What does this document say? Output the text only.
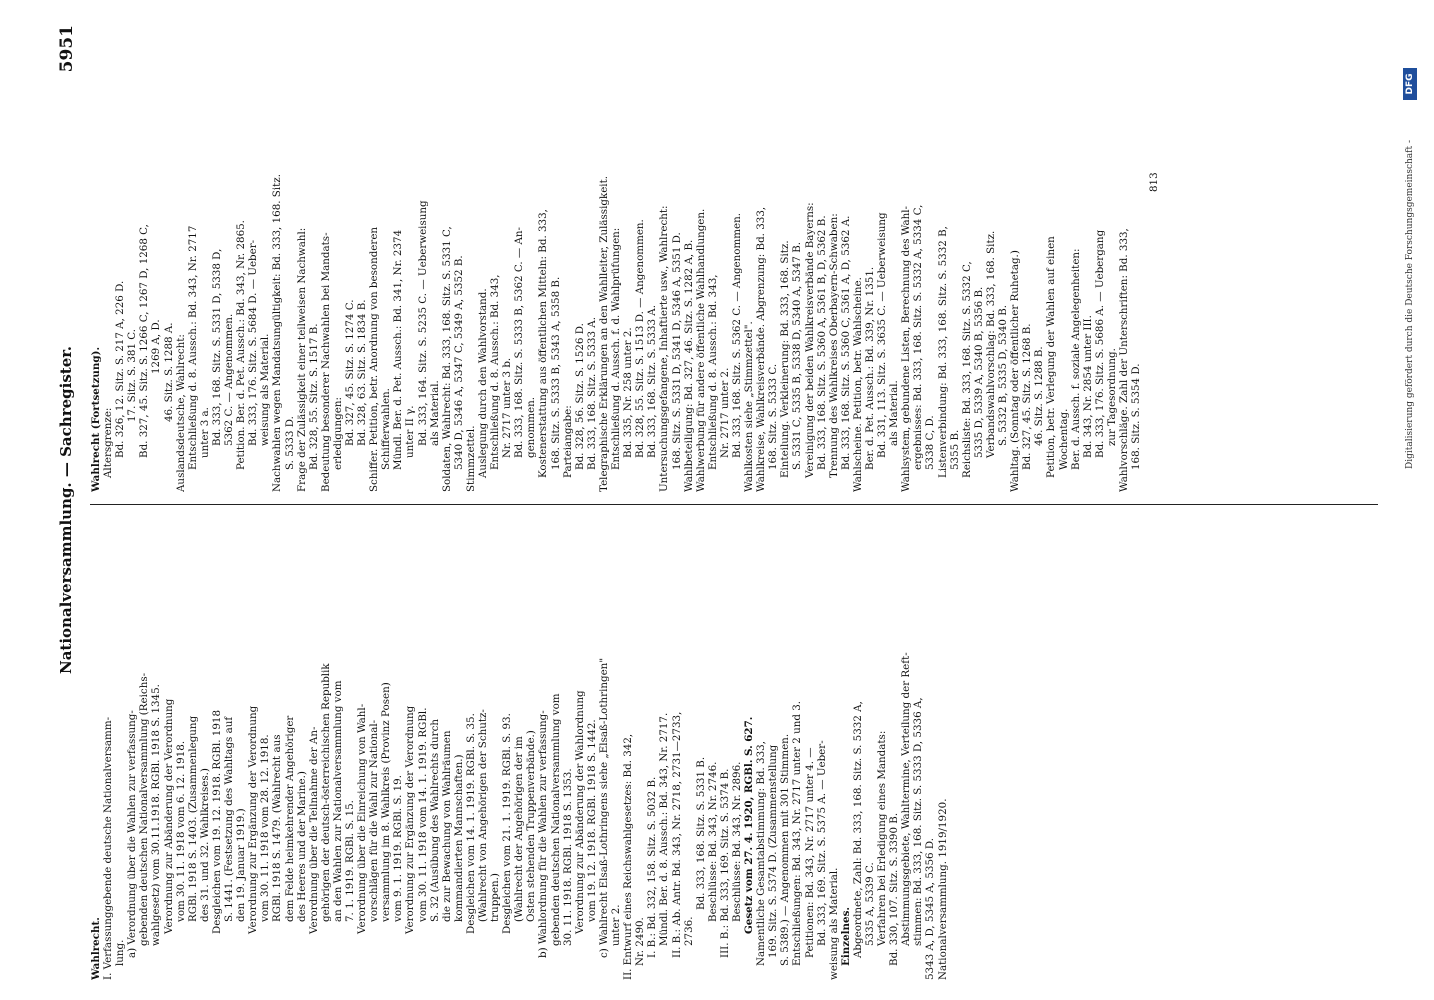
Nationalversammlung. — Sachregister.
5951
Wahlrecht. I. Verfassunggebende deutsche Nationalversamm- lung. a) Verordnung über die Wahlen zur verfassung- gebenden deutschen Nationalversammlung (Reichs- wahlgesetz) vom 30.11.1918. RGBl. 1918 S. 1345. Verordnung zur Abänderung der Verordnung vom 30. 11. 1918 vom 6. 12. 1918. RGBl. 1918 S. 1403. (Zusammenlegung des 31. und 32. Wahlkreises.) Desgleichen vom 19. 12. 1918. RGBl. 1918 S. 1441. (Festsetzung des Wahltags auf den 19. Januar 1919.) Verordnung zur Ergänzung der Verordnung vom 30. 11. 1918 vom 28. 12. 1918. RGBl. 1918 S. 1479. (Wahlrecht aus dem Felde heimkehrender Angehöriger des Heeres und der Marine.) Verordnung über die Teilnahme der An- gehörigen der deutsch-österreichischen Republik an den Wahlen zur Nationalversammlung vom 7. 1. 1919. RGBl. S. 15. Verordnung über die Einreichung von Wahl- vorschlägen für die Wahl zur National- versammlung im 8. Wahlkreis (Provinz Posen) vom 9. 1. 1919. RGBl. S. 19. Verordnung zur Ergänzung der Verordnung vom 30. 11. 1918 vom 14. 1. 1919. RGBl. S. 32 (Ausübung des Wahlrechts durch die zur Bewachung von Wahlräumen kommandierten Mannschaften.) Desgleichen vom 14. 1. 1919. RGBl. S. 35. (Wahlrecht von Angehörigen der Schutz- truppen.) Desgleichen vom 21. 1. 1919. RGBl. S. 93. (Wahlrecht der Angehörigen der im Osten stehenden Truppenverbände.) b) Wahlordnung für die Wahlen zur verfassung- gebenden deutschen Nationalversammlung vom 30. 11. 1918. RGBl. 1918 S. 1353. Verordnung zur Abänderung der Wahlordnung vom 19. 12. 1918. RGBl. 1918 S. 1442. c) Wahlrecht Elsaß-Lothringens siehe „Elsaß-Lothringen" unter 2. II. Entwurf eines Reichswahlgesetzes: Bd. 342, Nr. 2490. I. B.: Bd. 332, 158. Sitz. S. 5032 B. Mündl. Ber. d. 8. Aussch.: Bd. 343, Nr. 2717. II. B.: Ab. Antr. Bd. 343, Nr. 2718, 2731—2733, 2736.
Bd. 333, 168. Sitz. S. 5331 B. Beschlüsse: Bd. 343, Nr. 2746. III. B.: Bd. 333, 169. Sitz. S. 5374 B. Beschlüsse: Bd. 343, Nr. 2896. Gesetz vom 27. 4. 1920, RGBl. S. 627. Namentliche Gesamtabstimmung: Bd. 333, 169. Sitz. S. 5374 D. (Zusammenstellung S. 5389.) — Angenommen mit 301 Stimmen. Entschließungen: Bd. 343, Nr. 2717 unter 2 und 3. Petitionen: Bd. 343, Nr. 2717 unter 4. — Bd. 333, 169. Sitz. S. 5375 A. — Ueber- weisung als Material. Einzelnes. Abgeordnete, Zahl: Bd. 333, 168. Sitz. S. 5332 A, 5335 A, 5339 C. Verfahren bei Erledigung eines Mandats: Bd. 330, 107. Sitz. S. 3390 B. Abstimmungsgebiete, Wahltermine, Verteilung der Reft- stimmen: Bd. 333, 168. Sitz. S. 5333 D, 5336 A, 5343 A, D, 5345 A, 5356 D. Nationalversammlung. 1919/1920.
Wahlrecht (Fortsetzung). Altersgrenze: Bd. 326, 12. Sitz. S. 217 A, 226 D. 17. Sitz. S. 381 C. Bd. 327, 45. Sitz. S. 1266 C, 1267 D, 1268 C, 1269 A, D. 46. Sitz. S. 1288 A. Auslandsdeutsche, Wahlrecht: Entschließung d. 8. Aussch.: Bd. 343, Nr. 2717 unter 3 a. Bd. 333, 168. Sitz. S. 5331 D, 5338 D, 5362 C. — Angenommen. Petition. Ber. d. Pet. Aussch.: Bd. 343, Nr. 2865. Bd. 333, 176. Sitz. S. 5684 D. — Ueber- weisung als Material. Nachwahlen wegen Mandatsungültigkeit: Bd. 333, 168. Sitz. S. 5333 D. Frage der Zulässigkeit einer teilweisen Nachwahl: Bd. 328, 55. Sitz. S. 1517 B. Bedeutung besonderer Nachwahlen bei Mandats- erledigungen: Bd. 327, 45. Sitz. S. 1274 C. Bd. 328, 63. Sitz. S. 1834 B. Schiffer. Petition, betr. Anordnung von besonderen Schifferwahlen. Mündl. Ber. d. Pet. Aussch.: Bd. 341, Nr. 2374 unter II γ. Bd. 333, 164. Sitz. S. 5235 C. — Ueberweisung als Material. Soldaten, Wahlrecht: Bd. 333, 168. Sitz. S. 5331 C, 5340 D, 5346 A, 5347 C, 5349 A, 5352 B. Stimmzettel. Auslegung durch den Wahlvorstand. Entschließung d. 8. Aussch.: Bd. 343, Nr. 2717 unter 3 b. Bd. 333, 168. Sitz. S. 5333 B, 5362 C. — An- genommen. Kostenerstattung aus öffentlichen Mitteln: Bd. 333, 168. Sitz. S. 5333 B, 5343 A, 5358 B. Parteiangabe: Bd. 328, 56. Sitz. S. 1526 D. Bd. 333, 168. Sitz. S. 5333 A. Telegraphische Erklärungen an den Wahlleiter, Zulässigkeit. Entschließung d. Aussch. f. d. Wahlprüfungen: Bd. 335, Nr. 258 unter 2. Bd. 328, 55. Sitz. S. 1513 D. — Angenommen. Bd. 333, 168. Sitz. S. 5333 A. Untersuchungsgefangene, Inhaftierte usw., Wahlrecht: 168. Sitz. S. 5331 D, 5341 D, 5346 A, 5351 D. Wahlbeteiligung: Bd. 327, 46. Sitz. S. 1282 A, B. Wahlwerbung für andere öffentliche Wahlhandlungen. Entschließung d. 8. Aussch.: Bd. 343, Nr. 2717 unter 2. Bd. 333, 168. Sitz. S. 5362 C. — Angenommen. Wahlkosten siehe „Stimmzettel". Wahlkreise, Wahlkreisverbände. Abgrenzung: Bd. 333, 168. Sitz. S. 5333 C. Einteilung. Verkleinerung: Bd. 333, 168. Sitz. S. 5331 C, 5335 B, 5338 D, 5340 A, 5347 B. Vereinigung der beiden Wahlkreisverbände Bayerns: Bd. 333, 168. Sitz. S. 5360 A, 5361 B, D, 5362 B. Trennung des Wahlkreises Oberbayern-Schwaben: Bd. 333, 168. Sitz. S. 5360 C, 5361 A, D, 5362 A. Wahlscheine. Petition, betr. Wahlscheine. Ber. d. Pet. Aussch.: Bd. 339, Nr. 1351. Bd. 331, 113. Sitz. S. 3635 C. — Ueberweisung als Material. Wahlsystem, gebundene Listen, Berechnung des Wahl- ergebnisses: Bd. 333, 168. Sitz. S. 5332 A, 5334 C, 5338 C, D. Listenverbindung: Bd. 333, 168. Sitz. S. 5332 B, 5355 B. Reichsliste: Bd. 333, 168. Sitz. S. 5332 C, 5335 D, 5339 A, 5340 B, 5356 B. Verbandswahlvorschlag: Bd. 333, 168. Sitz. S. 5332 B, 5335 D, 5340 B. Wahltag. (Sonntag oder öffentlicher Ruhetag.) Bd. 327, 45. Sitz. S. 1268 B. 46. Sitz. S. 1288 B. Petition, betr. Verlegung der Wahlen auf einen Wochentag. Ber. d. Aussch. f. soziale Angelegenheiten: Bd. 343, Nr. 2854 unter III. Bd. 333, 176. Sitz. S. 5686 A. — Uebergang zur Tagesordnung. Wahlvorschläge. Zahl der Unterschriften: Bd. 333, 168. Sitz. S. 5354 D.
813	Digitalisierung gefördert durch die Deutsche Forschungsgemeinschaft -
DFG
